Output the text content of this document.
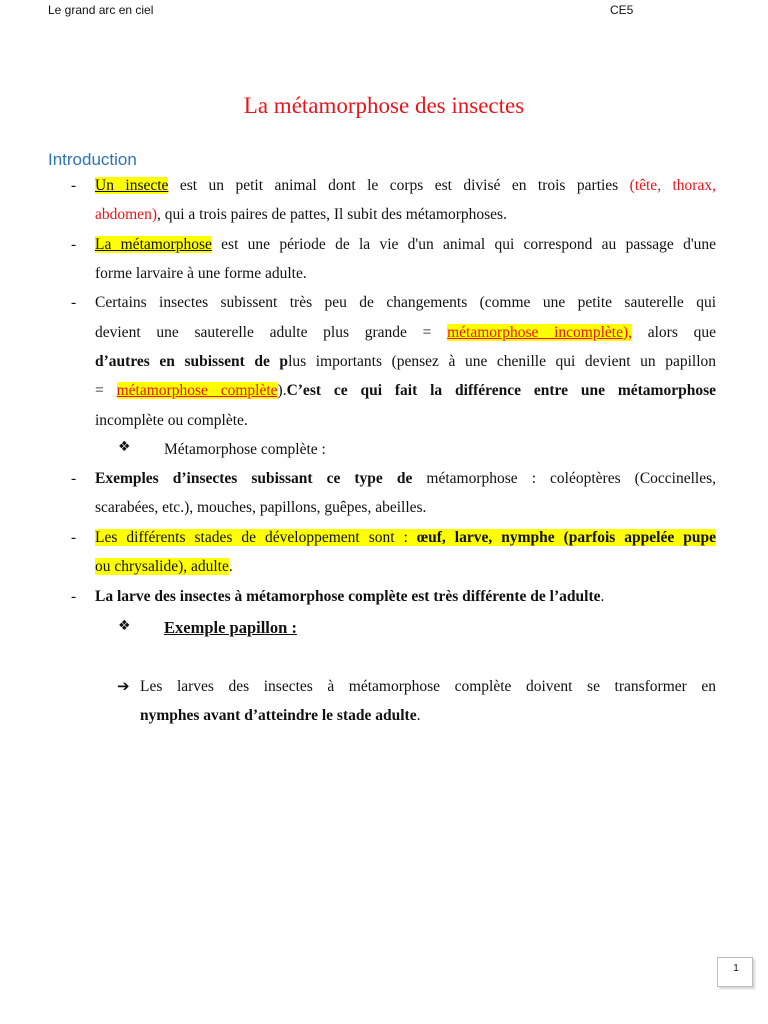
Le grand arc en ciel	CE5
La métamorphose des insectes
Introduction
- Un insecte est un petit animal dont le corps est divisé en trois parties (tête, thorax,
abdomen), qui a trois paires de pattes, Il subit des métamorphoses.
- La métamorphose est une période de la vie d'un animal qui correspond au passage d'une
forme larvaire à une forme adulte.
- Certains insectes subissent très peu de changements (comme une petite sauterelle qui
devient une sauterelle adulte plus grande = métamorphose incomplète), alors que
d’autres en subissent de plus importants (pensez à une chenille qui devient un papillon
= métamorphose complète).C’est ce qui fait la différence entre une métamorphose
incomplète ou complète.
❖ Métamorphose complète :
- Exemples d’insectes subissant ce type de métamorphose : coléoptères (Coccinelles,
scarabées, etc.), mouches, papillons, guêpes, abeilles.
- Les différents stades de développement sont : œuf, larve, nymphe (parfois appelée pupe
ou chrysalide), adulte.
- La larve des insectes à métamorphose complète est très différente de l’adulte.
❖ Exemple papillon :
➔ Les larves des insectes à métamorphose complète doivent se transformer en
nymphes avant d’atteindre le stade adulte.
1
